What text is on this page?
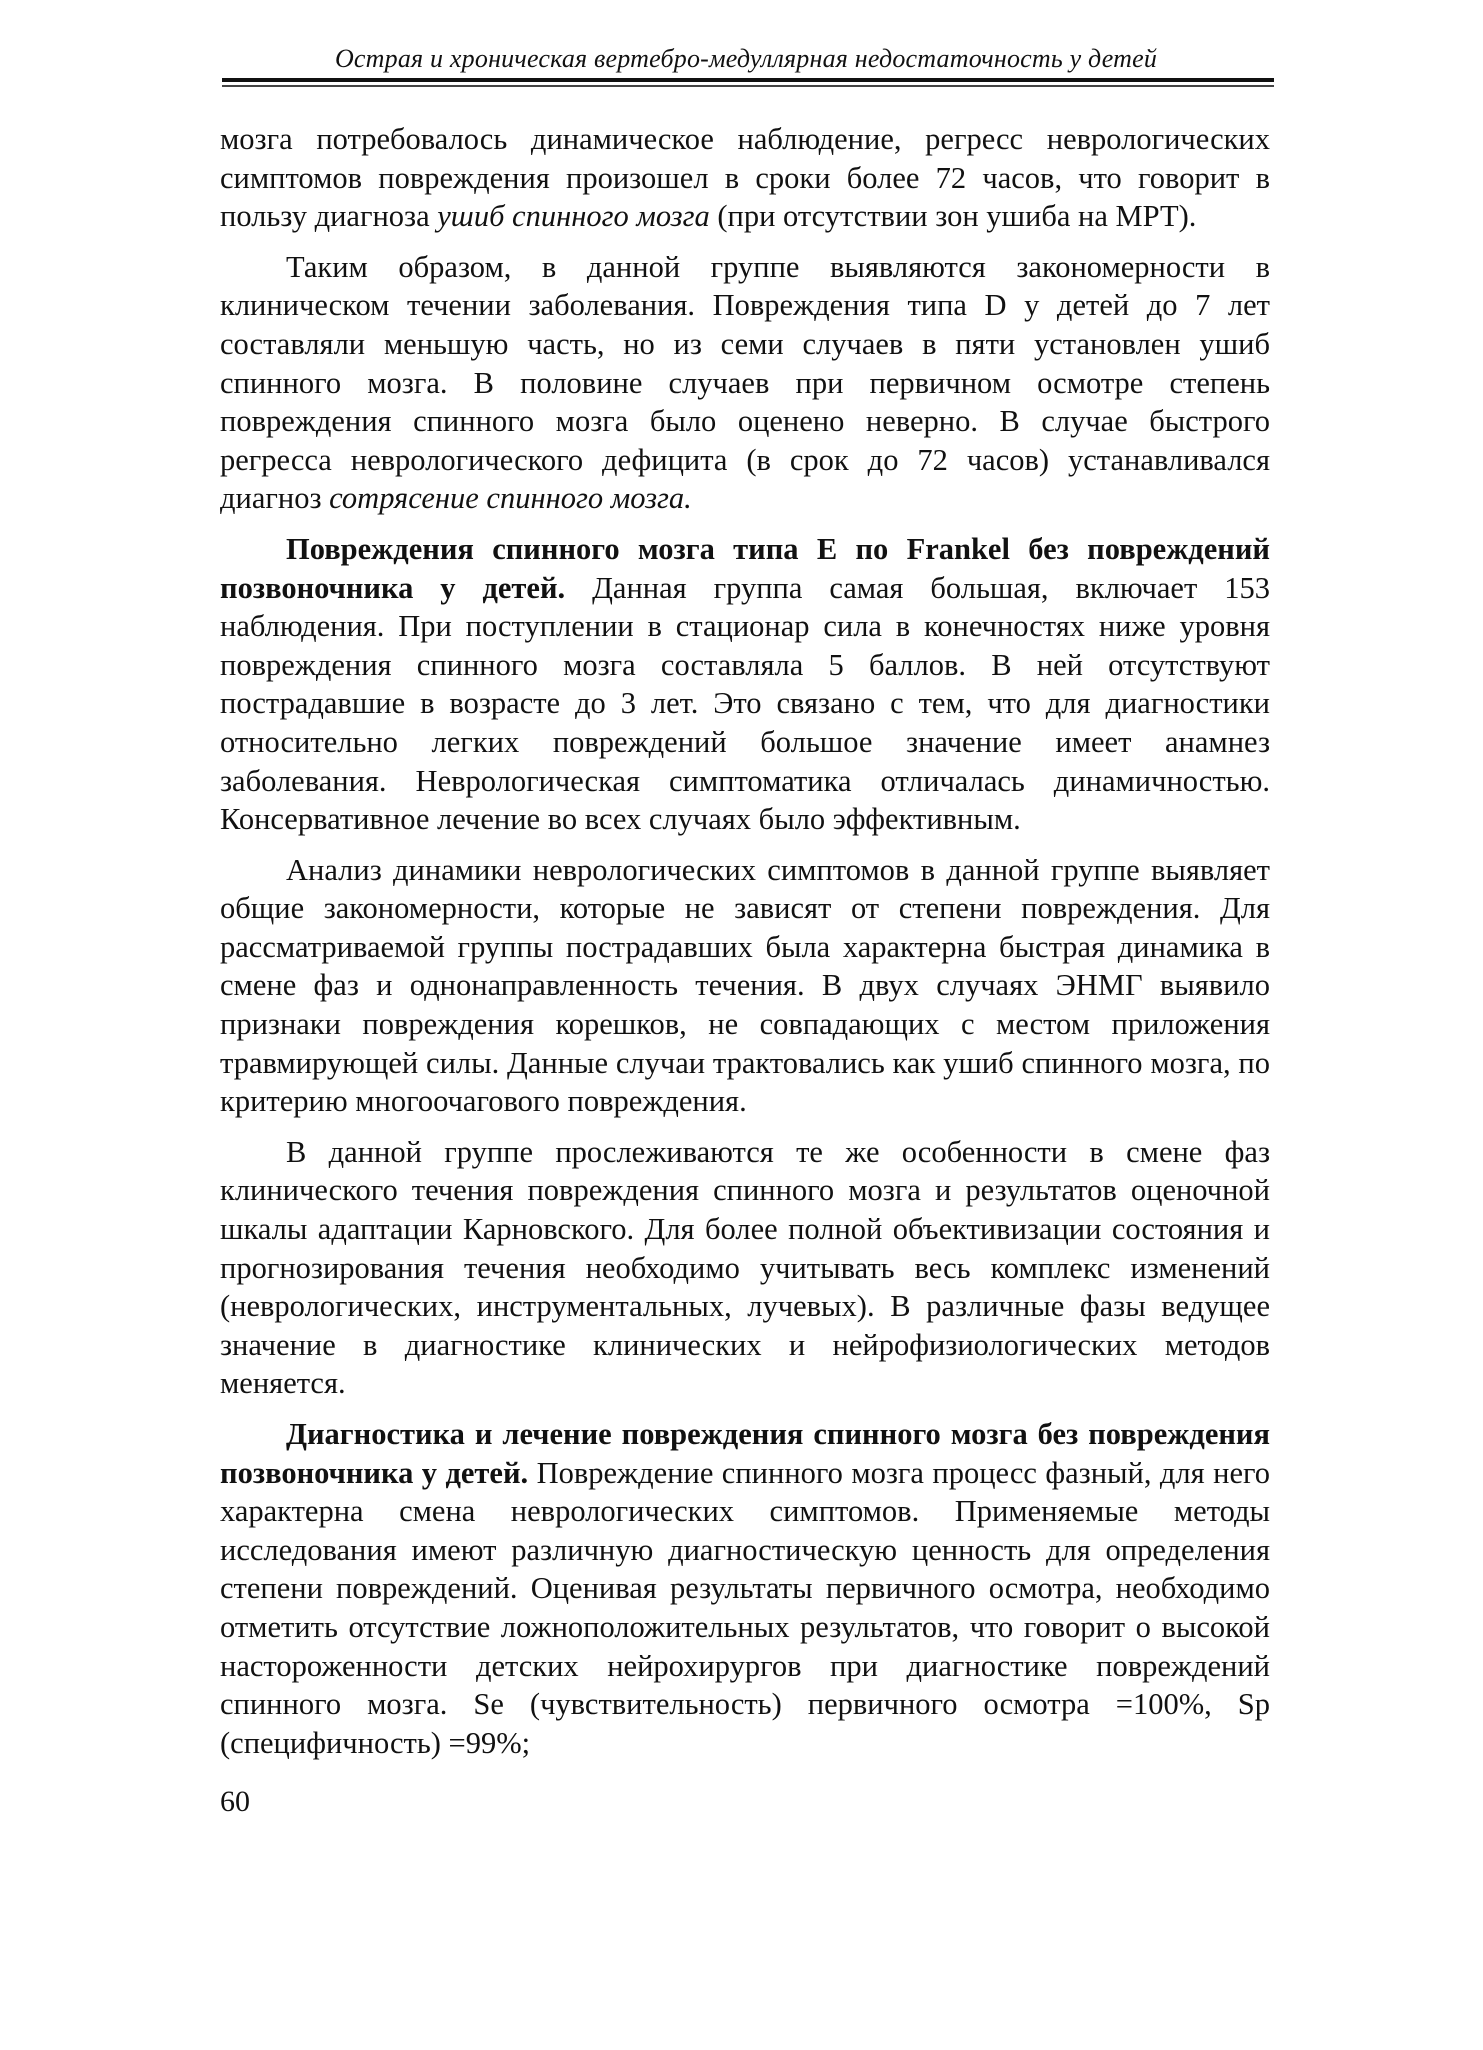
Острая и хроническая вертебро-медуллярная недостаточность у детей

мозга потребовалось динамическое наблюдение, регресс неврологических симптомов повреждения произошел в сроки более 72 часов, что говорит в пользу диагноза ушиб спинного мозга (при отсутствии зон ушиба на МРТ).

Таким образом, в данной группе выявляются закономерности в клиническом течении заболевания. Повреждения типа D у детей до 7 лет составляли меньшую часть, но из семи случаев в пяти установлен ушиб спинного мозга. В половине случаев при первичном осмотре степень повреждения спинного мозга было оценено неверно. В случае быстрого регресса неврологического дефицита (в срок до 72 часов) устанавливался диагноз сотрясение спинного мозга.

Повреждения спинного мозга типа Е по Frankel без повреждений позвоночника у детей. Данная группа самая большая, включает 153 наблюдения. При поступлении в стационар сила в конечностях ниже уровня повреждения спинного мозга составляла 5 баллов. В ней отсутствуют пострадавшие в возрасте до 3 лет. Это связано с тем, что для диагностики относительно легких повреждений большое значение имеет анамнез заболевания. Неврологическая симптоматика отличалась динамичностью. Консервативное лечение во всех случаях было эффективным.

Анализ динамики неврологических симптомов в данной группе выявляет общие закономерности, которые не зависят от степени повреждения. Для рассматриваемой группы пострадавших была характерна быстрая динамика в смене фаз и однонаправленность течения. В двух случаях ЭНМГ выявило признаки повреждения корешков, не совпадающих с местом приложения травмирующей силы. Данные случаи трактовались как ушиб спинного мозга, по критерию многоочагового повреждения.

В данной группе прослеживаются те же особенности в смене фаз клинического течения повреждения спинного мозга и результатов оценочной шкалы адаптации Карновского. Для более полной объективизации состояния и прогнозирования течения необходимо учитывать весь комплекс изменений (неврологических, инструментальных, лучевых). В различные фазы ведущее значение в диагностике клинических и нейрофизиологических методов меняется.

Диагностика и лечение повреждения спинного мозга без повреждения позвоночника у детей. Повреждение спинного мозга процесс фазный, для него характерна смена неврологических симптомов. Применяемые методы исследования имеют различную диагностическую ценность для определения степени повреждений. Оценивая результаты первичного осмотра, необходимо отметить отсутствие ложноположительных результатов, что говорит о высокой настороженности детских нейрохирургов при диагностике повреждений спинного мозга. Se (чувствительность) первичного осмотра =100%, Sp (специфичность) =99%;

60
